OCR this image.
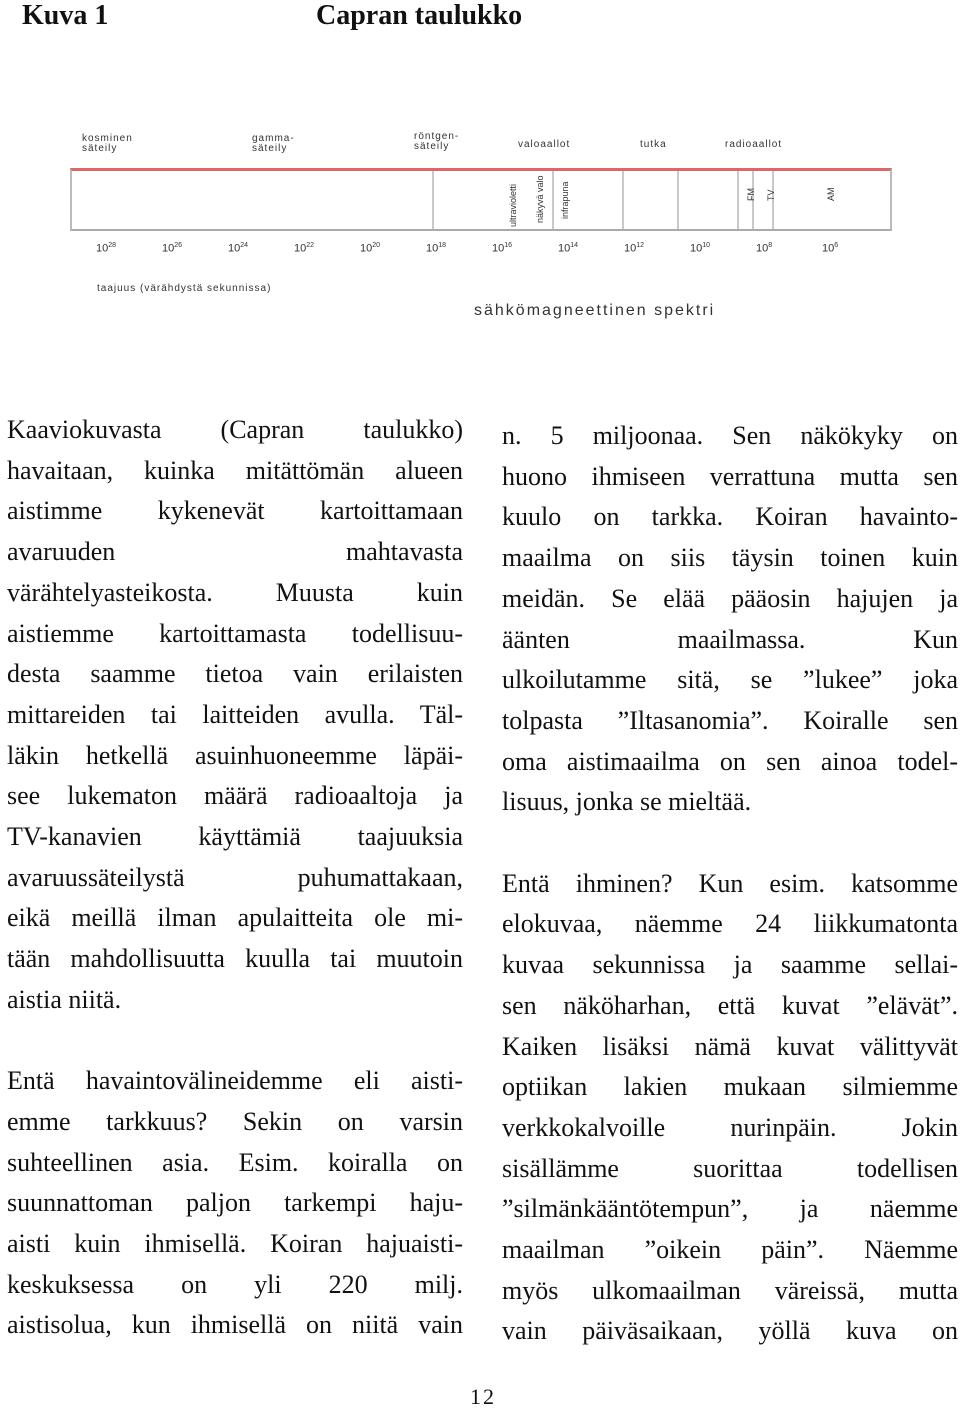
Kuva 1	Capran taulukko
kosminen
säteily
gamma-
säteily
röntgen-
säteily	valoaallot	tutka	radioaallot
ultravioletti näkyvä valo infrapuna	FM TV	AM
$10^{28}$	$10^{26}$	$10^{24}$	$10^{22}$	$10^{20}$	$10^{18}$	$10^{16}$	$10^{14}$	$10^{12}$	$10^{10}$	$10^8$	$10^6$
taajuus (värähdystä sekunnissa)
sähkömagneettinen spektri
Kaaviokuvasta (Capran taulukko)
havaitaan, kuinka mitättömän alueen
aistimme kykenevät kartoittamaan
avaruuden mahtavasta
värähtelyasteikosta. Muusta kuin
aistiemme kartoittamasta todellisuu-
desta saamme tietoa vain erilaisten
mittareiden tai laitteiden avulla. Täl-
läkin hetkellä asuinhuoneemme läpäi-
see lukematon määrä radioaaltoja ja
TV-kanavien käyttämiä taajuuksia
avaruussäteilystä puhumattakaan,
eikä meillä ilman apulaitteita ole mi-
tään mahdollisuutta kuulla tai muutoin
aistia niitä.
Entä havaintovälineidemme eli aisti-
emme tarkkuus? Sekin on varsin
suhteellinen asia. Esim. koiralla on
suunnattoman paljon tarkempi haju-
aisti kuin ihmisellä. Koiran hajuaisti-
keskuksessa on yli 220 milj.
aistisolua, kun ihmisellä on niitä vain
n. 5 miljoonaa. Sen näkökyky on
huono ihmiseen verrattuna mutta sen
kuulo on tarkka. Koiran havainto-
maailma on siis täysin toinen kuin
meidän. Se elää pääosin hajujen ja
äänten maailmassa. Kun
ulkoilutamme sitä, se ”lukee” joka
tolpasta ”Iltasanomia”. Koiralle sen
oma aistimaailma on sen ainoa todel-
lisuus, jonka se mieltää.
Entä ihminen? Kun esim. katsomme
elokuvaa, näemme 24 liikkumatonta
kuvaa sekunnissa ja saamme sellai-
sen näköharhan, että kuvat ”elävät”.
Kaiken lisäksi nämä kuvat välittyvät
optiikan lakien mukaan silmiemme
verkkokalvoille nurinpäin. Jokin
sisällämme suorittaa todellisen
”silmänkääntötempun”, ja näemme
maailman ”oikein päin”. Näemme
myös ulkomaailman väreissä, mutta
vain päiväsaikaan, yöllä kuva on
12
